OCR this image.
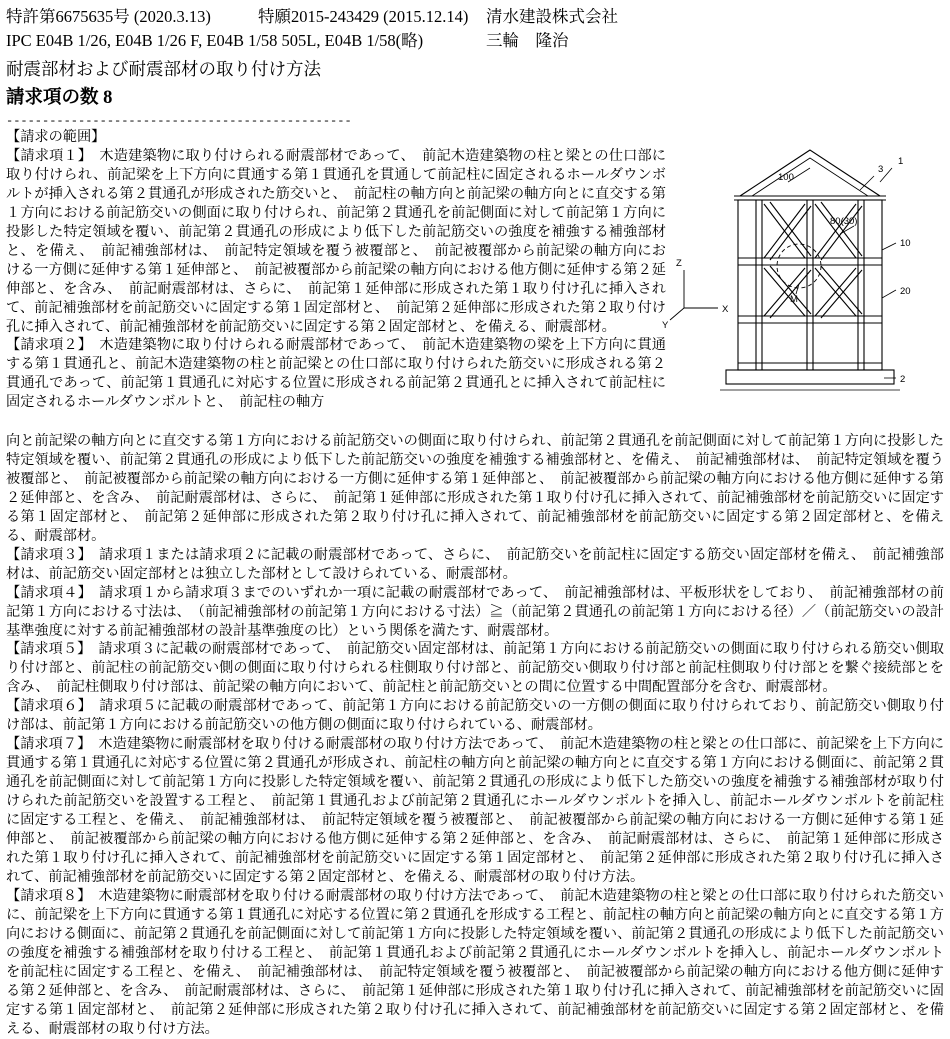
特許第6675635号 (2020.3.13)	特願2015-243429 (2015.12.14)	清水建設株式会社
IPC E04B 1/26, E04B 1/26 F, E04B 1/58 505L, E04B 1/58(略)	三輪　隆治
耐震部材および耐震部材の取り付け方法
請求項の数 8
------------------------------------------------

【請求の範囲】

【請求項１】　木造建築物に取り付けられる耐震部材であって、　前記木造建築物の柱と梁との仕口部に取り付けられ、前記梁を上下方向に貫通する第１貫通孔を貫通して前記柱に固定されるホールダウンボルトが挿入される第２貫通孔が形成された筋交いと、　前記柱の軸方向と前記梁の軸方向とに直交する第１方向における前記筋交いの側面に取り付けられ、前記第２貫通孔を前記側面に対して前記第１方向に投影した特定領域を覆い、前記第２貫通孔の形成により低下した前記筋交いの強度を補強する補強部材と、を備え、　前記補強部材は、　前記特定領域を覆う被覆部と、　前記被覆部から前記梁の軸方向における一方側に延伸する第１延伸部と、　前記被覆部から前記梁の軸方向における他方側に延伸する第２延伸部と、を含み、　前記耐震部材は、さらに、　前記第１延伸部に形成された第１取り付け孔に挿入されて、前記補強部材を前記筋交いに固定する第１固定部材と、　前記第２延伸部に形成された第２取り付け孔に挿入されて、前記補強部材を前記筋交いに固定する第２固定部材と、を備える、耐震部材。

【請求項２】　木造建築物に取り付けられる耐震部材であって、　前記木造建築物の梁を上下方向に貫通する第１貫通孔と、前記木造建築物の柱と前記梁との仕口部に取り付けられた筋交いに形成される第２貫通孔であって、前記第１貫通孔に対応する位置に形成される前記第２貫通孔とに挿入されて前記柱に固定されるホールダウンボルトと、　前記柱の軸方

100
3
1
80(30)
10
20
M
2
Z
X
Y

向と前記梁の軸方向とに直交する第１方向における前記筋交いの側面に取り付けられ、前記第２貫通孔を前記側面に対して前記第１方向に投影した特定領域を覆い、前記第２貫通孔の形成により低下した前記筋交いの強度を補強する補強部材と、を備え、　前記補強部材は、　前記特定領域を覆う被覆部と、　前記被覆部から前記梁の軸方向における一方側に延伸する第１延伸部と、　前記被覆部から前記梁の軸方向における他方側に延伸する第２延伸部と、を含み、　前記耐震部材は、さらに、　前記第１延伸部に形成された第１取り付け孔に挿入されて、前記補強部材を前記筋交いに固定する第１固定部材と、　前記第２延伸部に形成された第２取り付け孔に挿入されて、前記補強部材を前記筋交いに固定する第２固定部材と、を備える、耐震部材。

【請求項３】　請求項１または請求項２に記載の耐震部材であって、さらに、　前記筋交いを前記柱に固定する筋交い固定部材を備え、　前記補強部材は、前記筋交い固定部材とは独立した部材として設けられている、耐震部材。

【請求項４】　請求項１から請求項３までのいずれか一項に記載の耐震部材であって、　前記補強部材は、平板形状をしており、　前記補強部材の前記第１方向における寸法は、　（前記補強部材の前記第１方向における寸法）≧（前記第２貫通孔の前記第１方向における径）／（前記筋交いの設計基準強度に対する前記補強部材の設計基準強度の比）という関係を満たす、耐震部材。

【請求項５】　請求項３に記載の耐震部材であって、　前記筋交い固定部材は、前記第１方向における前記筋交いの側面に取り付けられる筋交い側取り付け部と、前記柱の前記筋交い側の側面に取り付けられる柱側取り付け部と、前記筋交い側取り付け部と前記柱側取り付け部とを繋ぐ接続部とを含み、　前記柱側取り付け部は、前記梁の軸方向において、前記柱と前記筋交いとの間に位置する中間配置部分を含む、耐震部材。

【請求項６】　請求項５に記載の耐震部材であって、前記第１方向における前記筋交いの一方側の側面に取り付けられており、前記筋交い側取り付け部は、前記第１方向における前記筋交いの他方側の側面に取り付けられている、耐震部材。

【請求項７】　木造建築物に耐震部材を取り付ける耐震部材の取り付け方法であって、　前記木造建築物の柱と梁との仕口部に、前記梁を上下方向に貫通する第１貫通孔に対応する位置に第２貫通孔が形成され、前記柱の軸方向と前記梁の軸方向とに直交する第１方向における側面に、前記第２貫通孔を前記側面に対して前記第１方向に投影した特定領域を覆い、前記第２貫通孔の形成により低下した筋交いの強度を補強する補強部材が取り付けられた前記筋交いを設置する工程と、　前記第１貫通孔および前記第２貫通孔にホールダウンボルトを挿入し、前記ホールダウンボルトを前記柱に固定する工程と、を備え、　前記補強部材は、　前記特定領域を覆う被覆部と、　前記被覆部から前記梁の軸方向における一方側に延伸する第１延伸部と、　前記被覆部から前記梁の軸方向における他方側に延伸する第２延伸部と、を含み、　前記耐震部材は、さらに、　前記第１延伸部に形成された第１取り付け孔に挿入されて、前記補強部材を前記筋交いに固定する第１固定部材と、　前記第２延伸部に形成された第２取り付け孔に挿入されて、前記補強部材を前記筋交いに固定する第２固定部材と、を備える、耐震部材の取り付け方法。

【請求項８】　木造建築物に耐震部材を取り付ける耐震部材の取り付け方法であって、　前記木造建築物の柱と梁との仕口部に取り付けられた筋交いに、前記梁を上下方向に貫通する第１貫通孔に対応する位置に第２貫通孔を形成する工程と、前記柱の軸方向と前記梁の軸方向とに直交する第１方向における側面に、前記第２貫通孔を前記側面に対して前記第１方向に投影した特定領域を覆い、前記第２貫通孔の形成により低下した前記筋交いの強度を補強する補強部材を取り付ける工程と、　前記第１貫通孔および前記第２貫通孔にホールダウンボルトを挿入し、前記ホールダウンボルトを前記柱に固定する工程と、を備え、　前記補強部材は、　前記特定領域を覆う被覆部と、　前記被覆部から前記梁の軸方向における他方側に延伸する第２延伸部と、を含み、　前記耐震部材は、さらに、　前記第１延伸部に形成された第１取り付け孔に挿入されて、前記補強部材を前記筋交いに固定する第１固定部材と、　前記第２延伸部に形成された第２取り付け孔に挿入されて、前記補強部材を前記筋交いに固定する第２固定部材と、を備える、耐震部材の取り付け方法。
